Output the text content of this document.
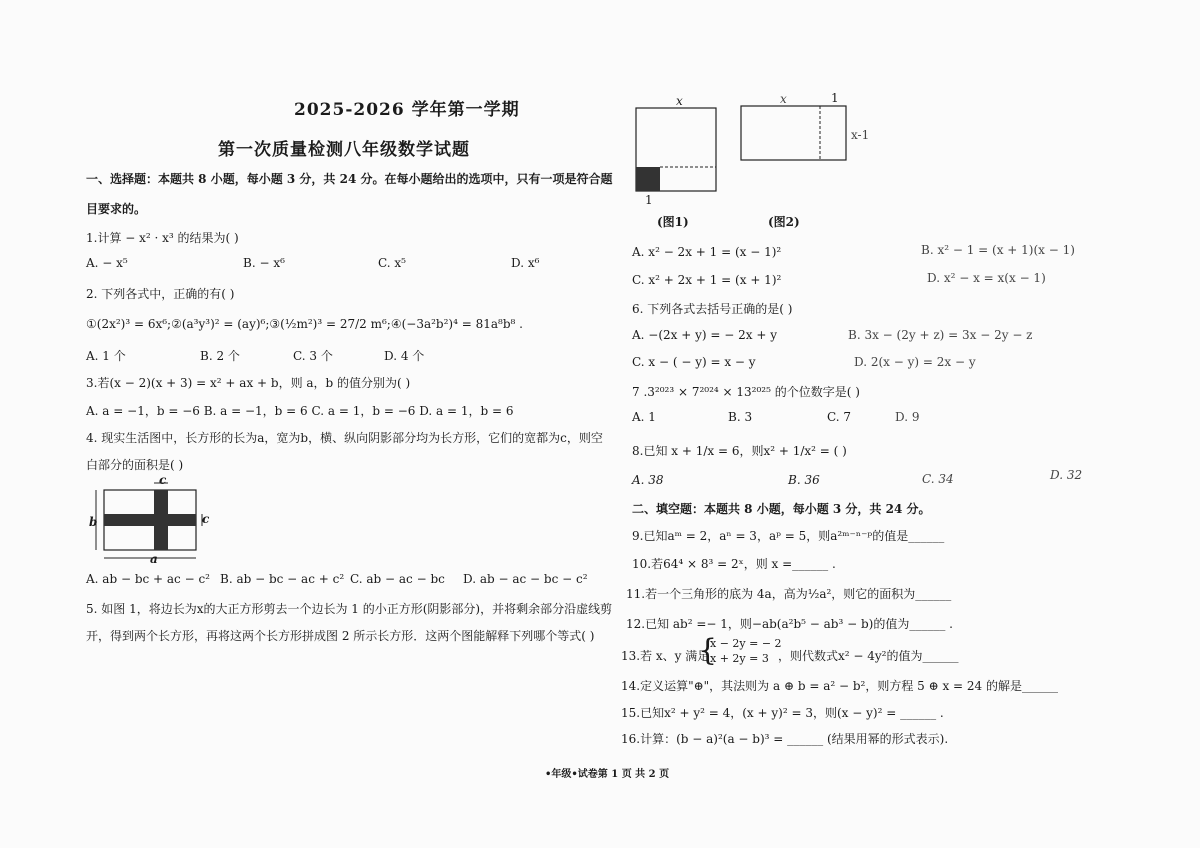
2025-2026 学年第一学期
第一次质量检测八年级数学试题
一、选择题：本题共 8 小题，每小题 3 分，共 24 分。在每小题给出的选项中，只有一项是符合题
目要求的。
1.计算 − x² · x³ 的结果为( )
A. − x⁵	B. − x⁶	C. x⁵	D. x⁶
2. 下列各式中，正确的有( )
①(2x²)³ = 6x⁶;②(a³y³)² = (ay)⁶;③(½m²)³ = 27/2 m⁶;④(−3a²b²)⁴ = 81a⁸b⁸ .
A. 1 个	B. 2 个	C. 3 个	D. 4 个
3.若(x − 2)(x + 3) = x² + ax + b，则 a，b 的值分别为( )
A. a = −1，b = −6 B. a = −1，b = 6 C. a = 1，b = −6 D. a = 1，b = 6
4. 现实生活图中，长方形的长为a，宽为b，横、纵向阴影部分均为长方形，它们的宽都为c，则空
白部分的面积是( )
c
c
b
a
A. ab − bc + ac − c² B. ab − bc − ac + c² C. ab − ac − bc D. ab − ac − bc − c²
5. 如图 1，将边长为x的大正方形剪去一个边长为 1 的小正方形(阴影部分)，并将剩余部分沿虚线剪
开，得到两个长方形，再将这两个长方形拼成图 2 所示长方形．这两个图能解释下列哪个等式( )
x
1
(图1)
x	1
x-1
(图2)
A. x² − 2x + 1 = (x − 1)²	B. x² − 1 = (x + 1)(x − 1)
C. x² + 2x + 1 = (x + 1)²	D. x² − x = x(x − 1)
6. 下列各式去括号正确的是( )
A. −(2x + y) = − 2x + y	B. 3x − (2y + z) = 3x − 2y − z
C. x − ( − y) = x − y	D. 2(x − y) = 2x − y
7 .3²⁰²³ × 7²⁰²⁴ × 13²⁰²⁵ 的个位数字是( )
A. 1	B. 3	C. 7	D. 9
8.已知 x + 1/x = 6，则x² + 1/x² = ( )
A. 38	B. 36	C. 34	D. 32
二、填空题：本题共 8 小题，每小题 3 分，共 24 分。
9.已知aᵐ = 2，aⁿ = 3，aᵖ = 5，则a²ᵐ⁻ⁿ⁻ᵖ的值是______
10.若64⁴ × 8³ = 2ˣ，则 x =______ .
11.若一个三角形的底为 4a，高为½a²，则它的面积为______
12.已知 ab² =− 1，则−ab(a²b⁵ − ab³ − b)的值为______ .
13.若 x、y 满足
{
x − 2y = − 2
x + 2y = 3 ，则代数式x² − 4y²的值为______
14.定义运算"⊕"，其法则为 a ⊕ b = a² − b²，则方程 5 ⊕ x = 24 的解是______
15.已知x² + y² = 4，(x + y)² = 3，则(x − y)² = ______ .
16.计算：(b − a)²(a − b)³ = ______ (结果用幂的形式表示).
•年级•试卷第 1 页 共 2 页
